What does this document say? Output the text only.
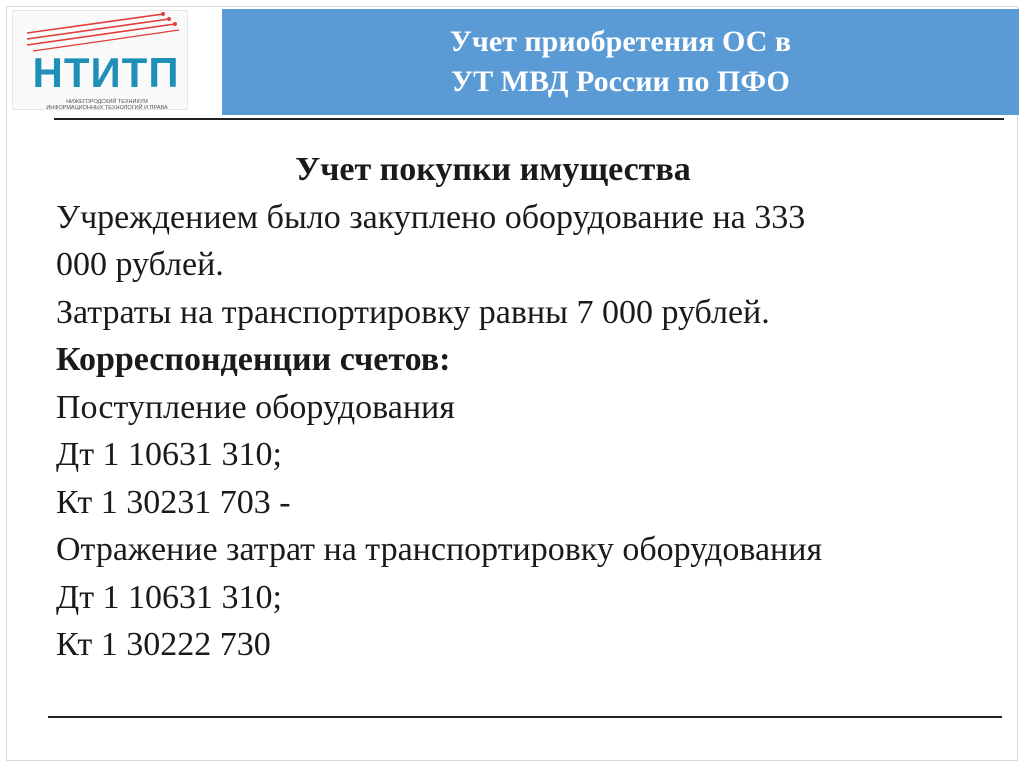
НТИТП
НИЖЕГОРОДСКИЙ ТЕХНИКУМ
ИНФОРМАЦИОННЫХ ТЕХНОЛОГИЙ И ПРАВА
Учет приобретения ОС в
УТ МВД России по ПФО
Учет покупки имущества
Учреждением было закуплено оборудование на 333
000 рублей.
Затраты на транспортировку равны 7 000 рублей.
Корреспонденции счетов:
Поступление оборудования
Дт 1 10631 310;
Кт 1 30231 703 -
Отражение затрат на транспортировку оборудования
Дт 1 10631 310;
Кт 1 30222 730
